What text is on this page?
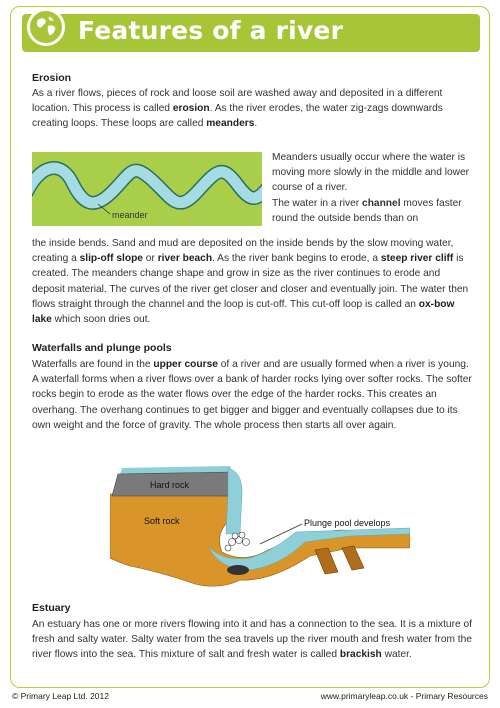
Features of a river
Erosion
As a river flows, pieces of rock and loose soil are washed away and deposited in a different location. This process is called erosion. As the river erodes, the water zig-zags downwards creating loops. These loops are called meanders.
meander
Meanders usually occur where the water is moving more slowly in the middle and lower course of a river.
The water in a river channel moves faster round the outside bends than on
the inside bends. Sand and mud are deposited on the inside bends by the slow moving water, creating a slip-off slope or river beach. As the river bank begins to erode, a steep river cliff is created. The meanders change shape and grow in size as the river continues to erode and deposit material. The curves of the river get closer and closer and eventually join. The water then flows straight through the channel and the loop is cut-off. This cut-off loop is called an ox-bow lake which soon dries out.
Waterfalls and plunge pools
Waterfalls are found in the upper course of a river and are usually formed when a river is young. A waterfall forms when a river flows over a bank of harder rocks lying over softer rocks. The softer rocks begin to erode as the water flows over the edge of the harder rocks. This creates an overhang. The overhang continues to get bigger and bigger and eventually collapses due to its own weight and the force of gravity. The whole process then starts all over again.
Hard rock
Soft rock	Plunge pool develops
Estuary
An estuary has one or more rivers flowing into it and has a connection to the sea. It is a mixture of fresh and salty water. Salty water from the sea travels up the river mouth and fresh water from the river flows into the sea. This mixture of salt and fresh water is called brackish water.
© Primary Leap Ltd. 2012	www.primaryleap.co.uk - Primary Resources
